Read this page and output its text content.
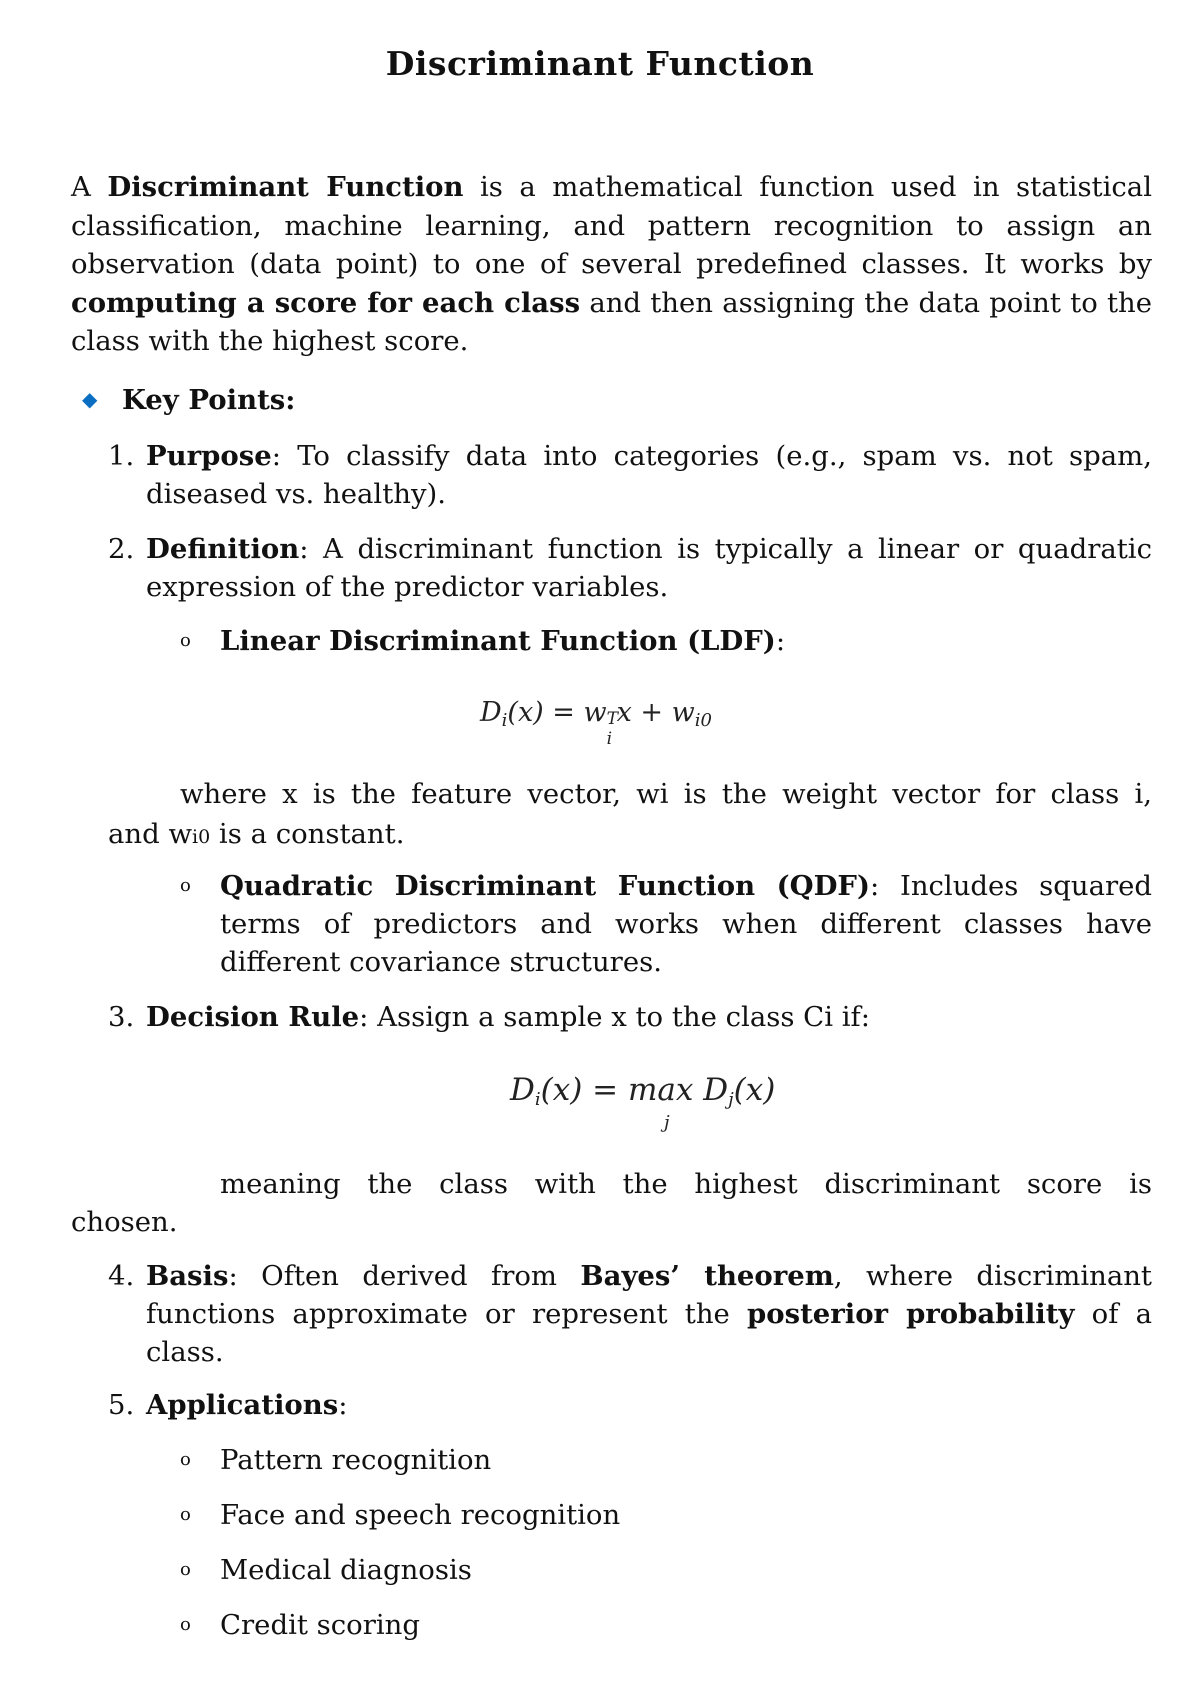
Discriminant Function
A Discriminant Function is a mathematical function used in statistical classification, machine learning, and pattern recognition to assign an observation (data point) to one of several predefined classes. It works by computing a score for each class and then assigning the data point to the class with the highest score.
◆ Key Points:
1. Purpose: To classify data into categories (e.g., spam vs. not spam, diseased vs. healthy).
2. Definition: A discriminant function is typically a linear or quadratic expression of the predictor variables.
o Linear Discriminant Function (LDF):
$D_i(x) = w$ T
i
$x + w_{i0}$
where x is the feature vector, wi is the weight vector for class i,
and wi0 is a constant.
o Quadratic Discriminant Function (QDF): Includes squared terms of predictors and works when different classes have different covariance structures.
3. Decision Rule: Assign a sample x to the class Ci if:
$D_i(x) = \max D_j(x)$
j
meaning the class with the highest discriminant score is
chosen.
4. Basis: Often derived from Bayes’ theorem, where discriminant functions approximate or represent the posterior probability of a class.
5. Applications:
o Pattern recognition
o Face and speech recognition
o Medical diagnosis
o Credit scoring
